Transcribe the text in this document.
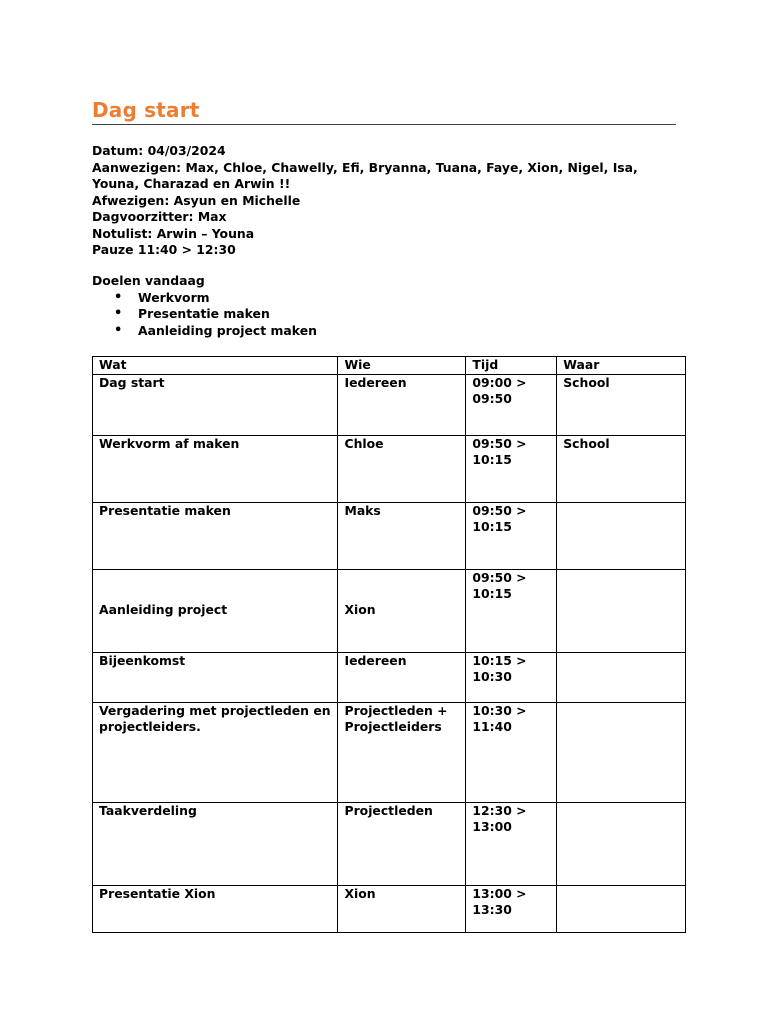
Dag start
Datum: 04/03/2024
Aanwezigen: Max, Chloe, Chawelly, Efi, Bryanna, Tuana, Faye, Xion, Nigel, Isa, Youna, Charazad en Arwin !!
Afwezigen: Asyun en Michelle
Dagvoorzitter: Max
Notulist: Arwin – Youna
Pauze 11:40 > 12:30
Doelen vandaag
• Werkvorm
• Presentatie maken
• Aanleiding project maken
Wat	Wie	Tijd	Waar
Dag start	Iedereen	09:00 > 09:50	School
Werkvorm af maken	Chloe	09:50 > 10:15	School
Presentatie maken	Maks	09:50 > 10:15	
Aanleiding project	Xion	09:50 > 10:15	
Bijeenkomst	Iedereen	10:15 > 10:30	
Vergadering met projectleden en projectleiders.	Projectleden + Projectleiders	10:30 > 11:40	
Taakverdeling	Projectleden	12:30 > 13:00	
Presentatie Xion	Xion	13:00 > 13:30	
